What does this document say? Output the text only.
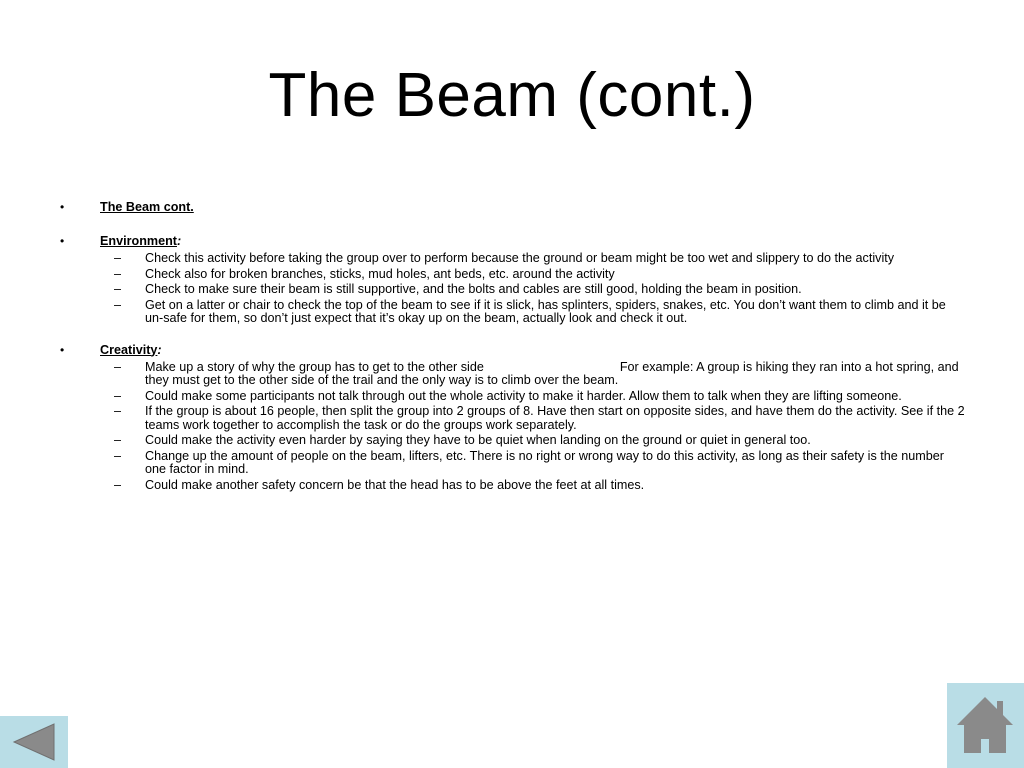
The Beam (cont.)
•	The Beam cont.
•	Environment:
– Check this activity before taking the group over to perform because the ground or beam might be too wet and slippery to do the activity
– Check also for broken branches, sticks, mud holes, ant beds, etc. around the activity
– Check to make sure their beam is still supportive, and the bolts and cables are still good, holding the beam in position.
– Get on a latter or chair to check the top of the beam to see if it is slick, has splinters, spiders, snakes, etc. You don’t want them to climb and it be un-safe for them, so don’t just expect that it’s okay up on the beam, actually look and check it out.
•	Creativity:
– Make up a story of why the group has to get to the other side	For example: A group is hiking they ran into a hot spring, and they must get to the other side of the trail and the only way is to climb over the beam.
– Could make some participants not talk through out the whole activity to make it harder. Allow them to talk when they are lifting someone.
– If the group is about 16 people, then split the group into 2 groups of 8. Have then start on opposite sides, and have them do the activity. See if the 2 teams work together to accomplish the task or do the groups work separately.
– Could make the activity even harder by saying they have to be quiet when landing on the ground or quiet in general too.
– Change up the amount of people on the beam, lifters, etc. There is no right or wrong way to do this activity, as long as their safety is the number one factor in mind.
– Could make another safety concern be that the head has to be above the feet at all times.
